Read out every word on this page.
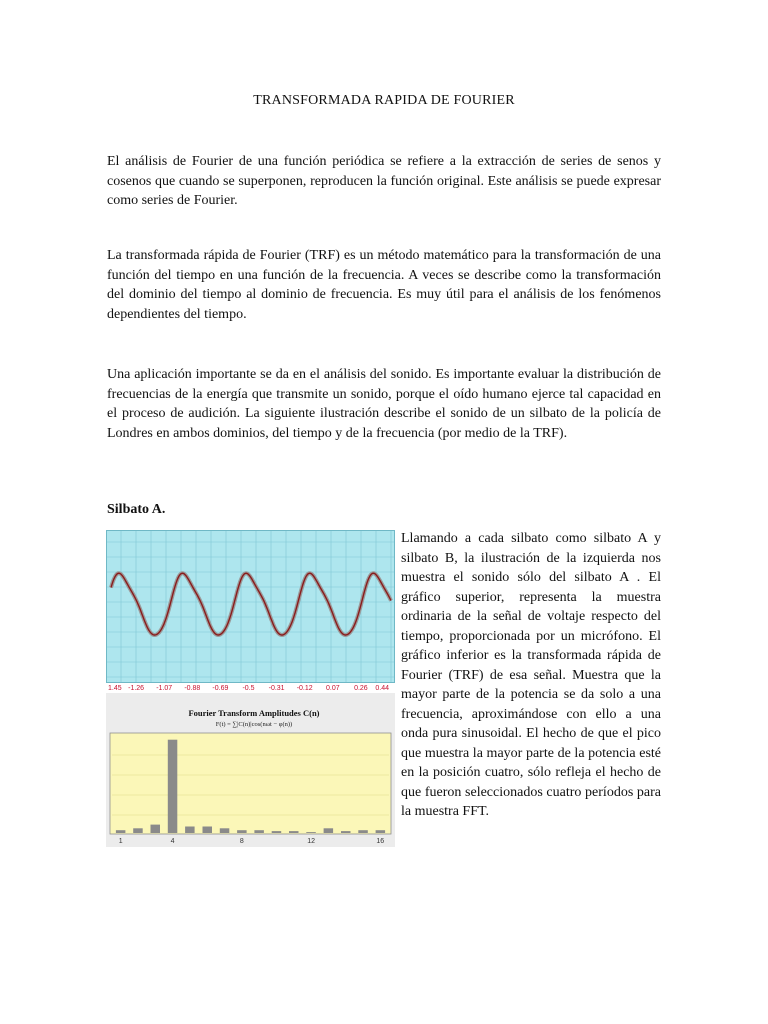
TRANSFORMADA RAPIDA DE FOURIER

El análisis de Fourier de una función periódica se refiere a la extracción de series de senos y cosenos que cuando se superponen, reproducen la función original. Este análisis se puede expresar como series de Fourier.

La transformada rápida de Fourier (TRF) es un método matemático para la transformación de una función del tiempo en una función de la frecuencia. A veces se describe como la transformación del dominio del tiempo al dominio de frecuencia. Es muy útil para el análisis de los fenómenos dependientes del tiempo.

Una aplicación importante se da en el análisis del sonido. Es importante evaluar la distribución de frecuencias de la energía que transmite un sonido, porque el oído humano ejerce tal capacidad en el proceso de audición. La siguiente ilustración describe el sonido de un silbato de la policía de Londres en ambos dominios, del tiempo y de la frecuencia (por medio de la TRF).

Silbato A.
1.45 -1.26 -1.07 -0.88 -0.69 -0.5 -0.31 -0.12 0.07 0.26 0.44
Fourier Transform Amplitudes C(n)
F(t) = ∑|C(n)|cos(nωt − φ(n))
1	4	8	12	16

Llamando a cada silbato como silbato A y silbato B, la ilustración de la izquierda nos muestra el sonido sólo del silbato A . El gráfico superior, representa la muestra ordinaria de la señal de voltaje respecto del tiempo, proporcionada por un micrófono. El gráfico inferior es la transformada rápida de Fourier (TRF) de esa señal. Muestra que la mayor parte de la potencia se da solo a una frecuencia, aproximándose con ello a una onda pura sinusoidal. El hecho de que el pico que muestra la mayor parte de la potencia esté en la posición cuatro, sólo refleja el hecho de que fueron seleccionados cuatro períodos para la muestra FFT.
